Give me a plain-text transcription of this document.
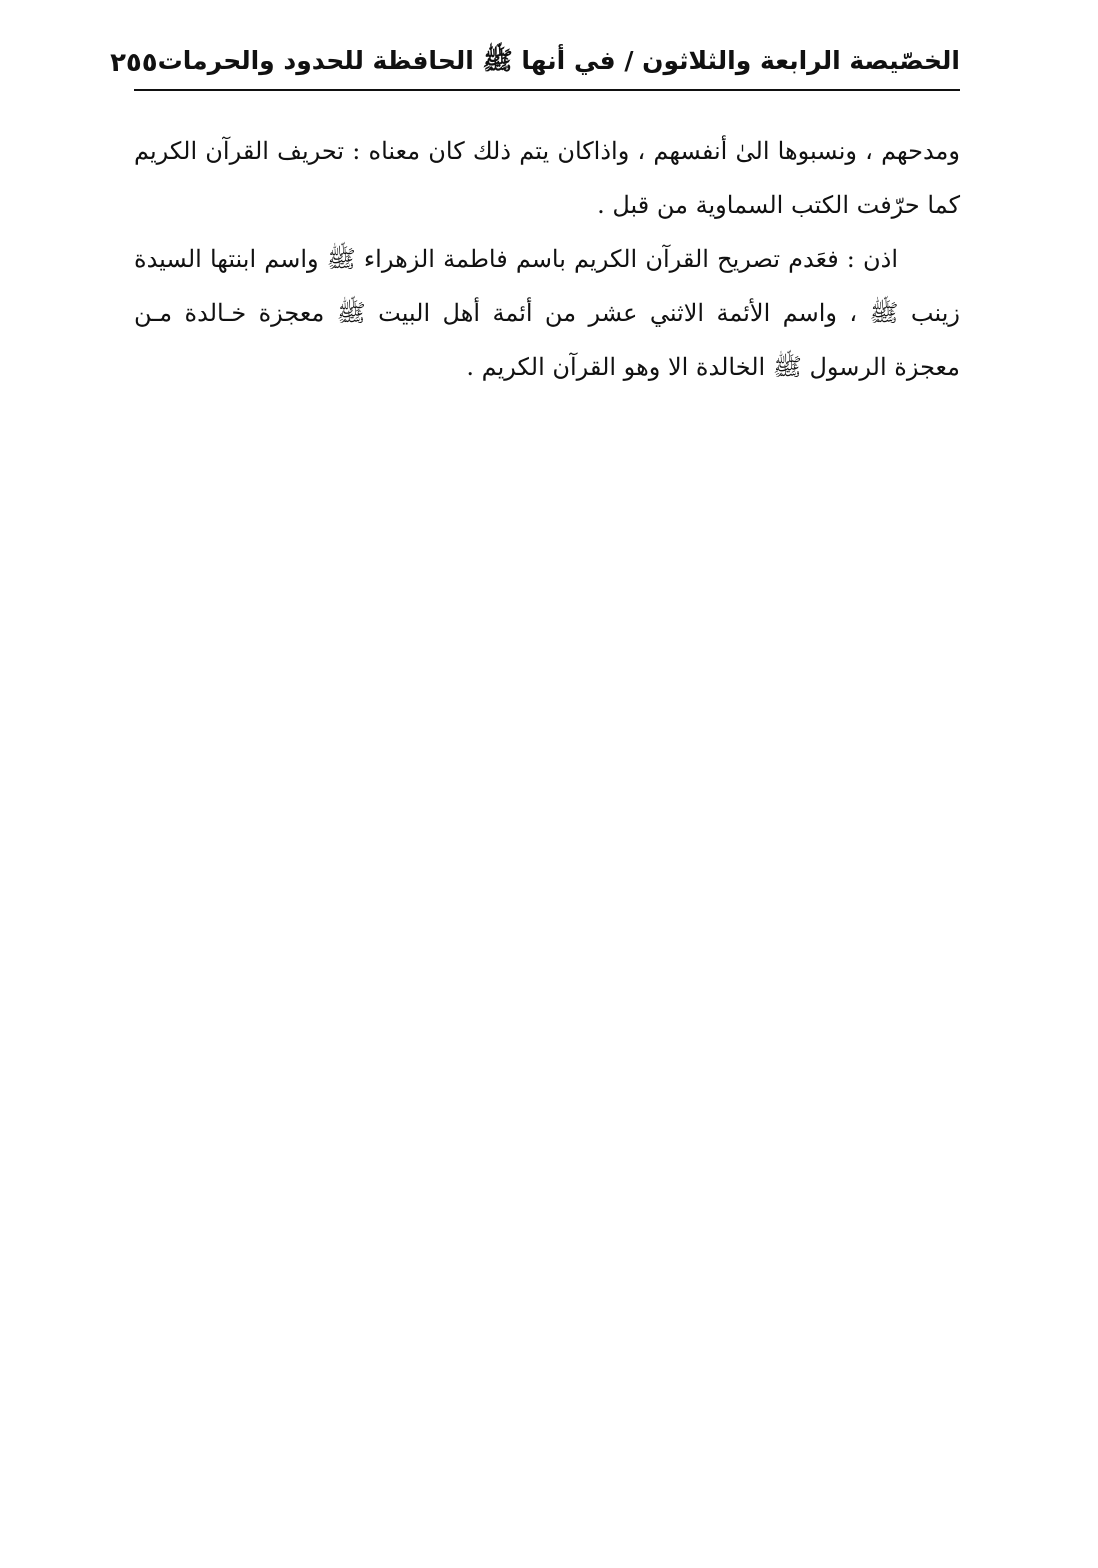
الخصّيصة الرابعة والثلاثون / في أنها ﷺ الحافظة للحدود والحرمات
٢٥٥

ومدحهم ، ونسبوها الىٰ أنفسهم ، واذاكان يتم ذلك كان معناه : تحريف القرآن الكريم كما حرّفت الكتب السماوية من قبل .

اذن : فعَدم تصريح القرآن الكريم باسم فاطمة الزهراء ﷺ واسم ابنتها السيدة زينب ﷺ ، واسم الأئمة الاثني عشر من أئمة أهل البيت ﷺ معجزة خـالدة مـن معجزة الرسول ﷺ الخالدة الا وهو القرآن الكريم .
